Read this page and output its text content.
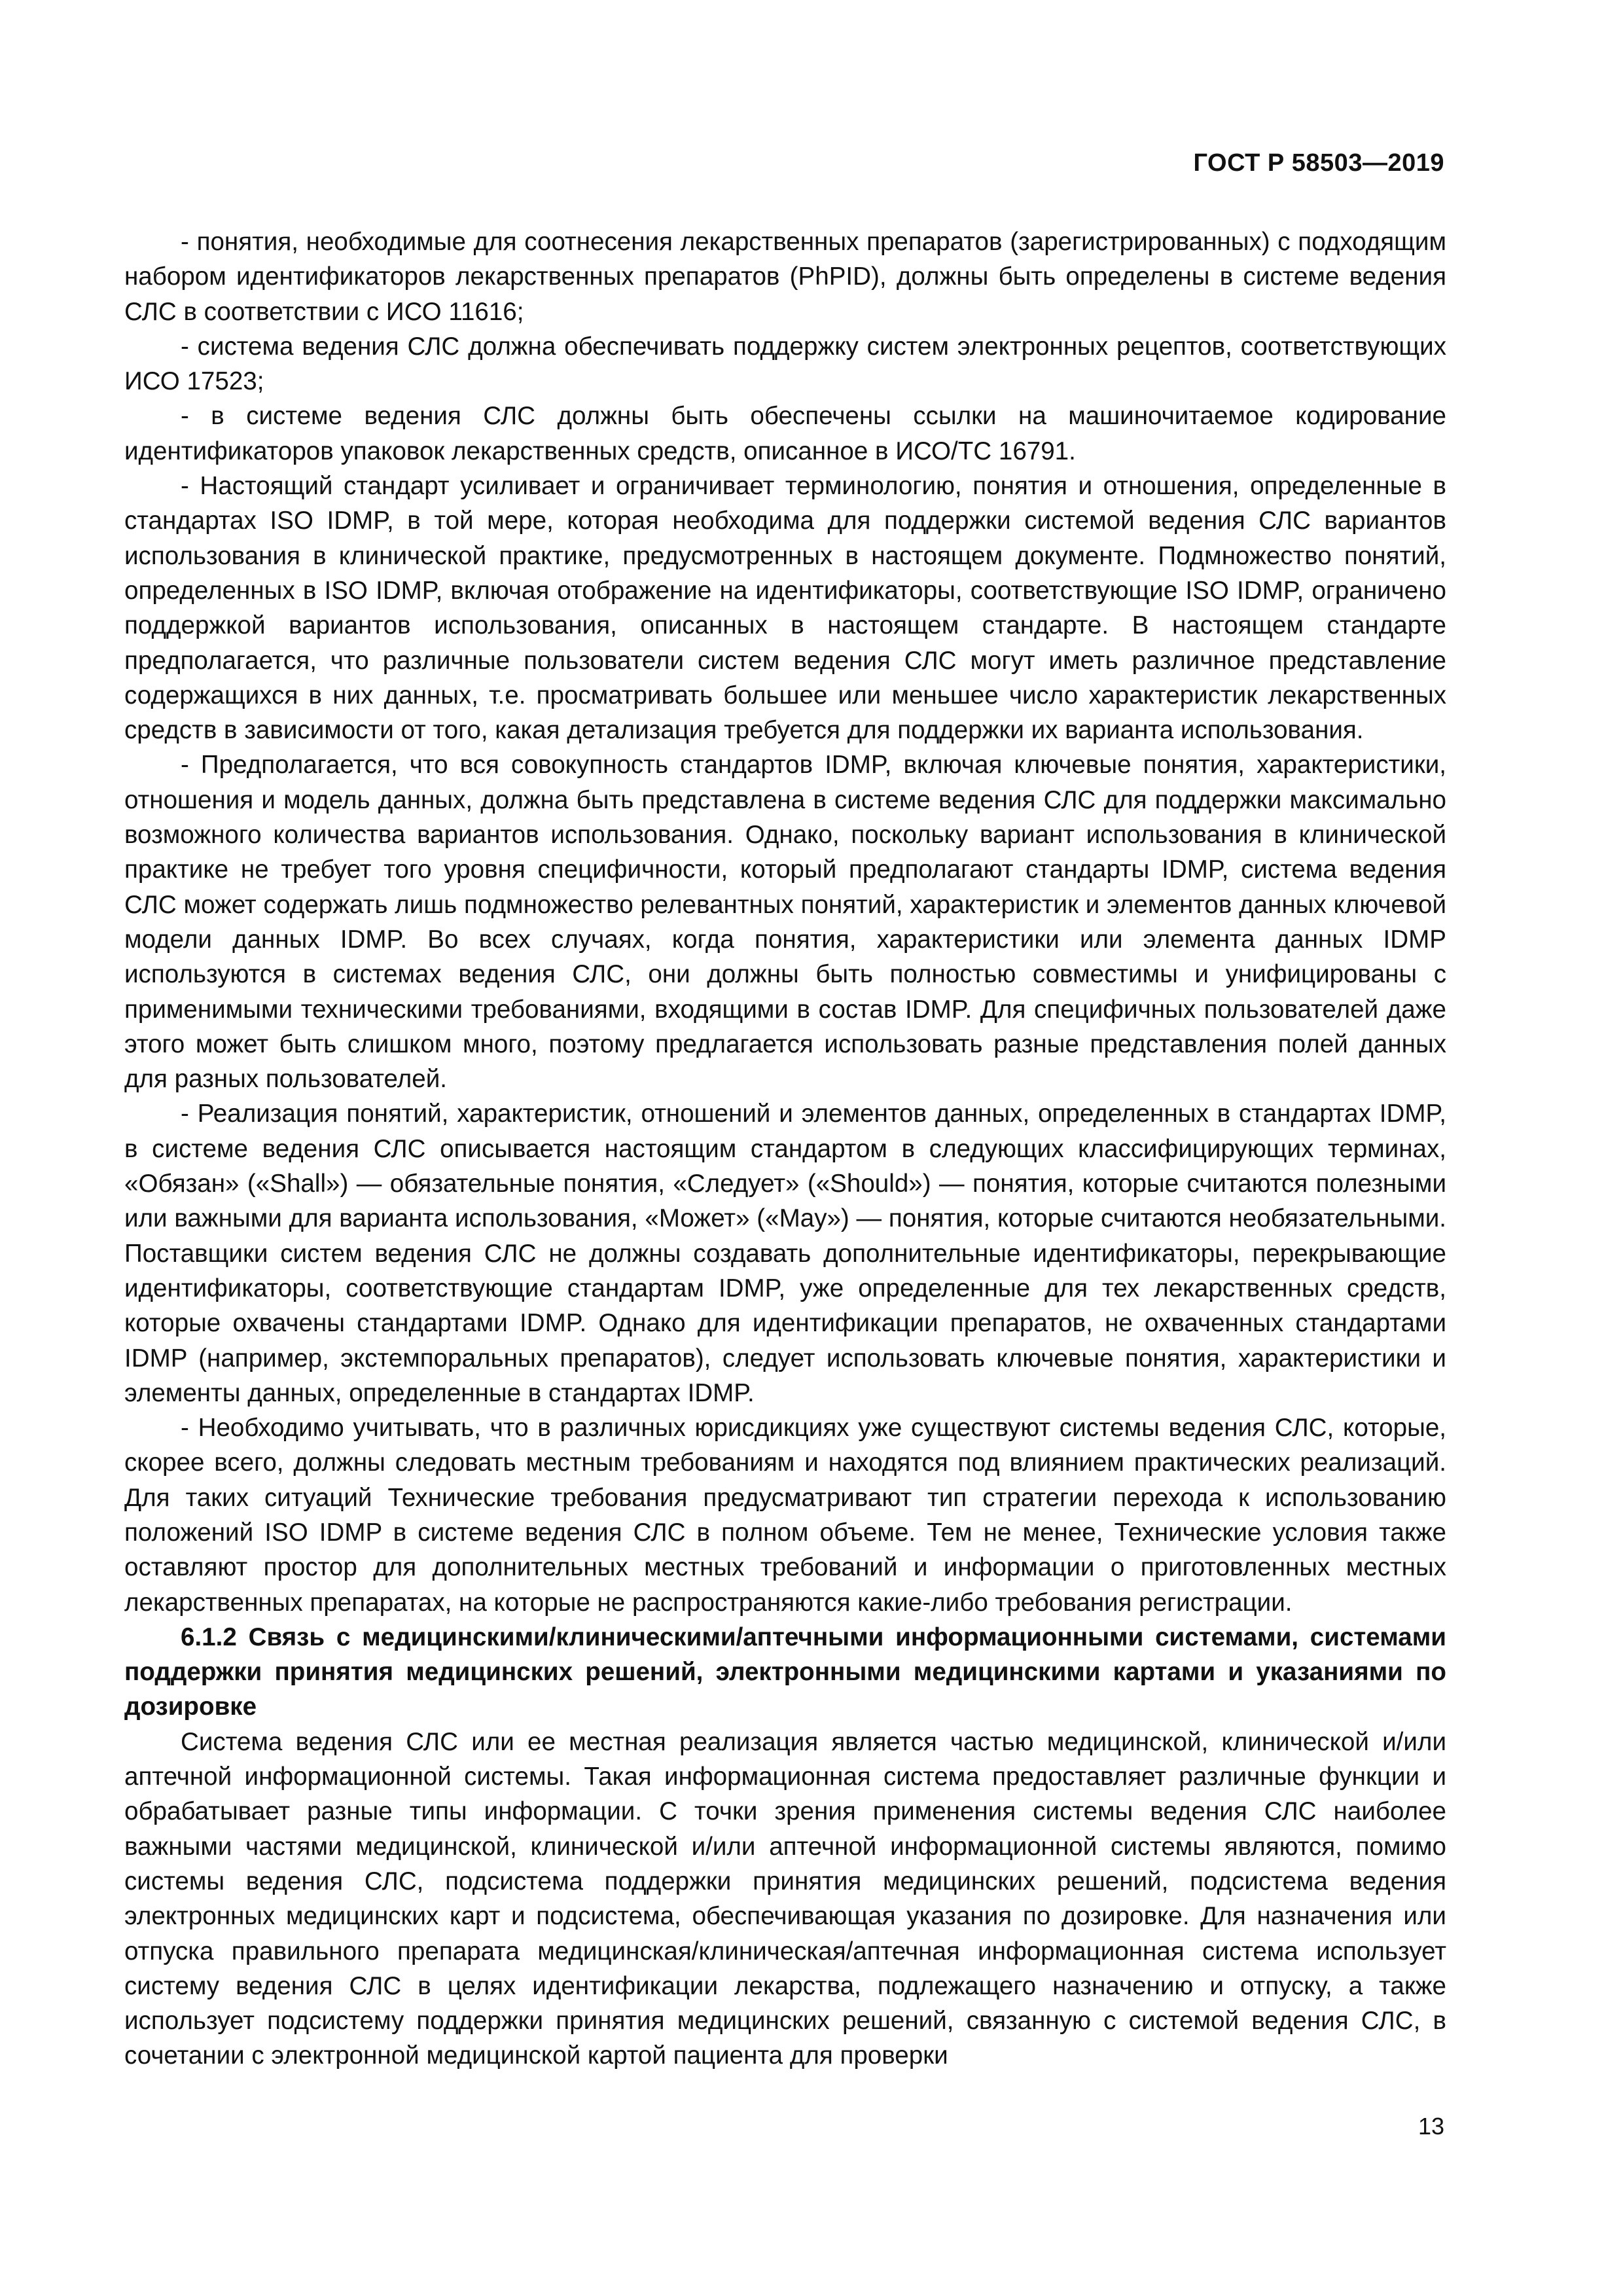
ГОСТ Р 58503—2019

- понятия, необходимые для соотнесения лекарственных препаратов (зарегистрированных) с подходящим набором идентификаторов лекарственных препаратов (PhPID), должны быть определены в системе ведения СЛС в соответствии с ИСО 11616;

- система ведения СЛС должна обеспечивать поддержку систем электронных рецептов, соответствующих ИСО 17523;

- в системе ведения СЛС должны быть обеспечены ссылки на машиночитаемое кодирование идентификаторов упаковок лекарственных средств, описанное в ИСО/ТС 16791.

- Настоящий стандарт усиливает и ограничивает терминологию, понятия и отношения, определенные в стандартах ISO IDMP, в той мере, которая необходима для поддержки системой ведения СЛС вариантов использования в клинической практике, предусмотренных в настоящем документе. Подмножество понятий, определенных в ISO IDMP, включая отображение на идентификаторы, соответствующие ISO IDMP, ограничено поддержкой вариантов использования, описанных в настоящем стандарте. В настоящем стандарте предполагается, что различные пользователи систем ведения СЛС могут иметь различное представление содержащихся в них данных, т.е. просматривать большее или меньшее число характеристик лекарственных средств в зависимости от того, какая детализация требуется для поддержки их варианта использования.

- Предполагается, что вся совокупность стандартов IDMP, включая ключевые понятия, характеристики, отношения и модель данных, должна быть представлена в системе ведения СЛС для поддержки максимально возможного количества вариантов использования. Однако, поскольку вариант использования в клинической практике не требует того уровня специфичности, который предполагают стандарты IDMP, система ведения СЛС может содержать лишь подмножество релевантных понятий, характеристик и элементов данных ключевой модели данных IDMP. Во всех случаях, когда понятия, характеристики или элемента данных IDMP используются в системах ведения СЛС, они должны быть полностью совместимы и унифицированы с применимыми техническими требованиями, входящими в состав IDMP. Для специфичных пользователей даже этого может быть слишком много, поэтому предлагается использовать разные представления полей данных для разных пользователей.

- Реализация понятий, характеристик, отношений и элементов данных, определенных в стандартах IDMP, в системе ведения СЛС описывается настоящим стандартом в следующих классифицирующих терминах, «Обязан» («Shall») — обязательные понятия, «Следует» («Should») — понятия, которые считаются полезными или важными для варианта использования, «Может» («May») — понятия, которые считаются необязательными. Поставщики систем ведения СЛС не должны создавать дополнительные идентификаторы, перекрывающие идентификаторы, соответствующие стандартам IDMP, уже определенные для тех лекарственных средств, которые охвачены стандартами IDMP. Однако для идентификации препаратов, не охваченных стандартами IDMP (например, экстемпоральных препаратов), следует использовать ключевые понятия, характеристики и элементы данных, определенные в стандартах IDMP.

- Необходимо учитывать, что в различных юрисдикциях уже существуют системы ведения СЛС, которые, скорее всего, должны следовать местным требованиям и находятся под влиянием практических реализаций. Для таких ситуаций Технические требования предусматривают тип стратегии перехода к использованию положений ISO IDMP в системе ведения СЛС в полном объеме. Тем не менее, Технические условия также оставляют простор для дополнительных местных требований и информации о приготовленных местных лекарственных препаратах, на которые не распространяются какие-либо требования регистрации.

6.1.2 Связь с медицинскими/клиническими/аптечными информационными системами, системами поддержки принятия медицинских решений, электронными медицинскими картами и указаниями по дозировке

Система ведения СЛС или ее местная реализация является частью медицинской, клинической и/или аптечной информационной системы. Такая информационная система предоставляет различные функции и обрабатывает разные типы информации. С точки зрения применения системы ведения СЛС наиболее важными частями медицинской, клинической и/или аптечной информационной системы являются, помимо системы ведения СЛС, подсистема поддержки принятия медицинских решений, подсистема ведения электронных медицинских карт и подсистема, обеспечивающая указания по дозировке. Для назначения или отпуска правильного препарата медицинская/клиническая/аптечная информационная система использует систему ведения СЛС в целях идентификации лекарства, подлежащего назначению и отпуску, а также использует подсистему поддержки принятия медицинских решений, связанную с системой ведения СЛС, в сочетании с электронной медицинской картой пациента для проверки

13
